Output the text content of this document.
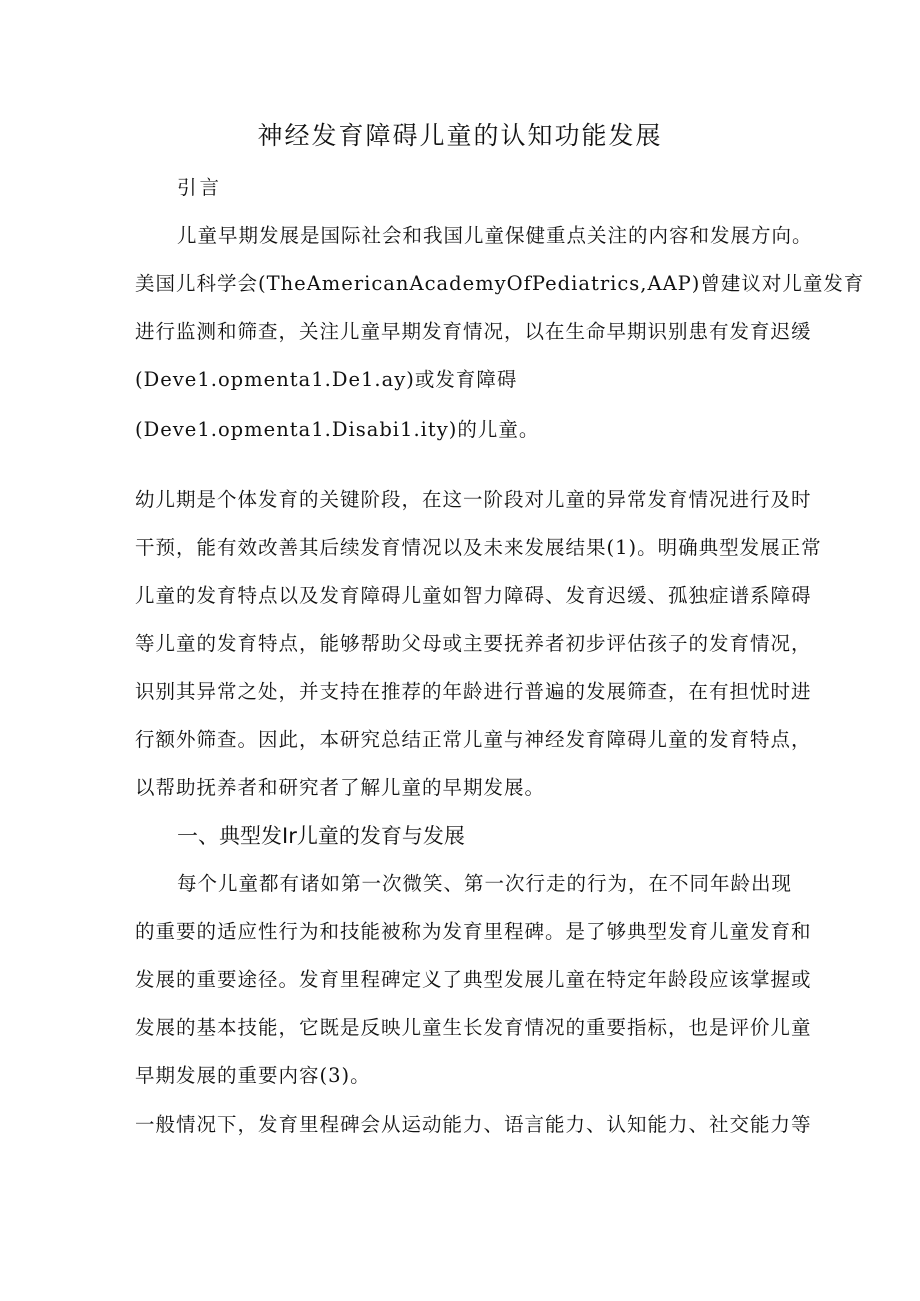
神经发育障碍儿童的认知功能发展

引言

儿童早期发展是国际社会和我国儿童保健重点关注的内容和发展方向。
美国儿科学会(TheAmericanAcademyOfPediatrics,AAP)曾建议对儿童发育
进行监测和筛查，关注儿童早期发育情况，以在生命早期识别患有发育迟缓
(Deve1.opmenta1.De1.ay)或发育障碍
(Deve1.opmenta1.Disabi1.ity)的儿童。
幼儿期是个体发育的关键阶段，在这一阶段对儿童的异常发育情况进行及时
干预，能有效改善其后续发育情况以及未来发展结果(1)。明确典型发展正常
儿童的发育特点以及发育障碍儿童如智力障碍、发育迟缓、孤独症谱系障碍
等儿童的发育特点，能够帮助父母或主要抚养者初步评估孩子的发育情况，
识别其异常之处，并支持在推荐的年龄进行普遍的发展筛查，在有担忧时进
行额外筛查。因此，本研究总结正常儿童与神经发育障碍儿童的发育特点，
以帮助抚养者和研究者了解儿童的早期发展。
一、典型发Ir儿童的发育与发展
每个儿童都有诸如第一次微笑、第一次行走的行为，在不同年龄出现
的重要的适应性行为和技能被称为发育里程碑。是了够典型发育儿童发育和
发展的重要途径。发育里程碑定义了典型发展儿童在特定年龄段应该掌握或
发展的基本技能，它既是反映儿童生长发育情况的重要指标，也是评价儿童
早期发展的重要内容(3)。
一般情况下，发育里程碑会从运动能力、语言能力、认知能力、社交能力等
